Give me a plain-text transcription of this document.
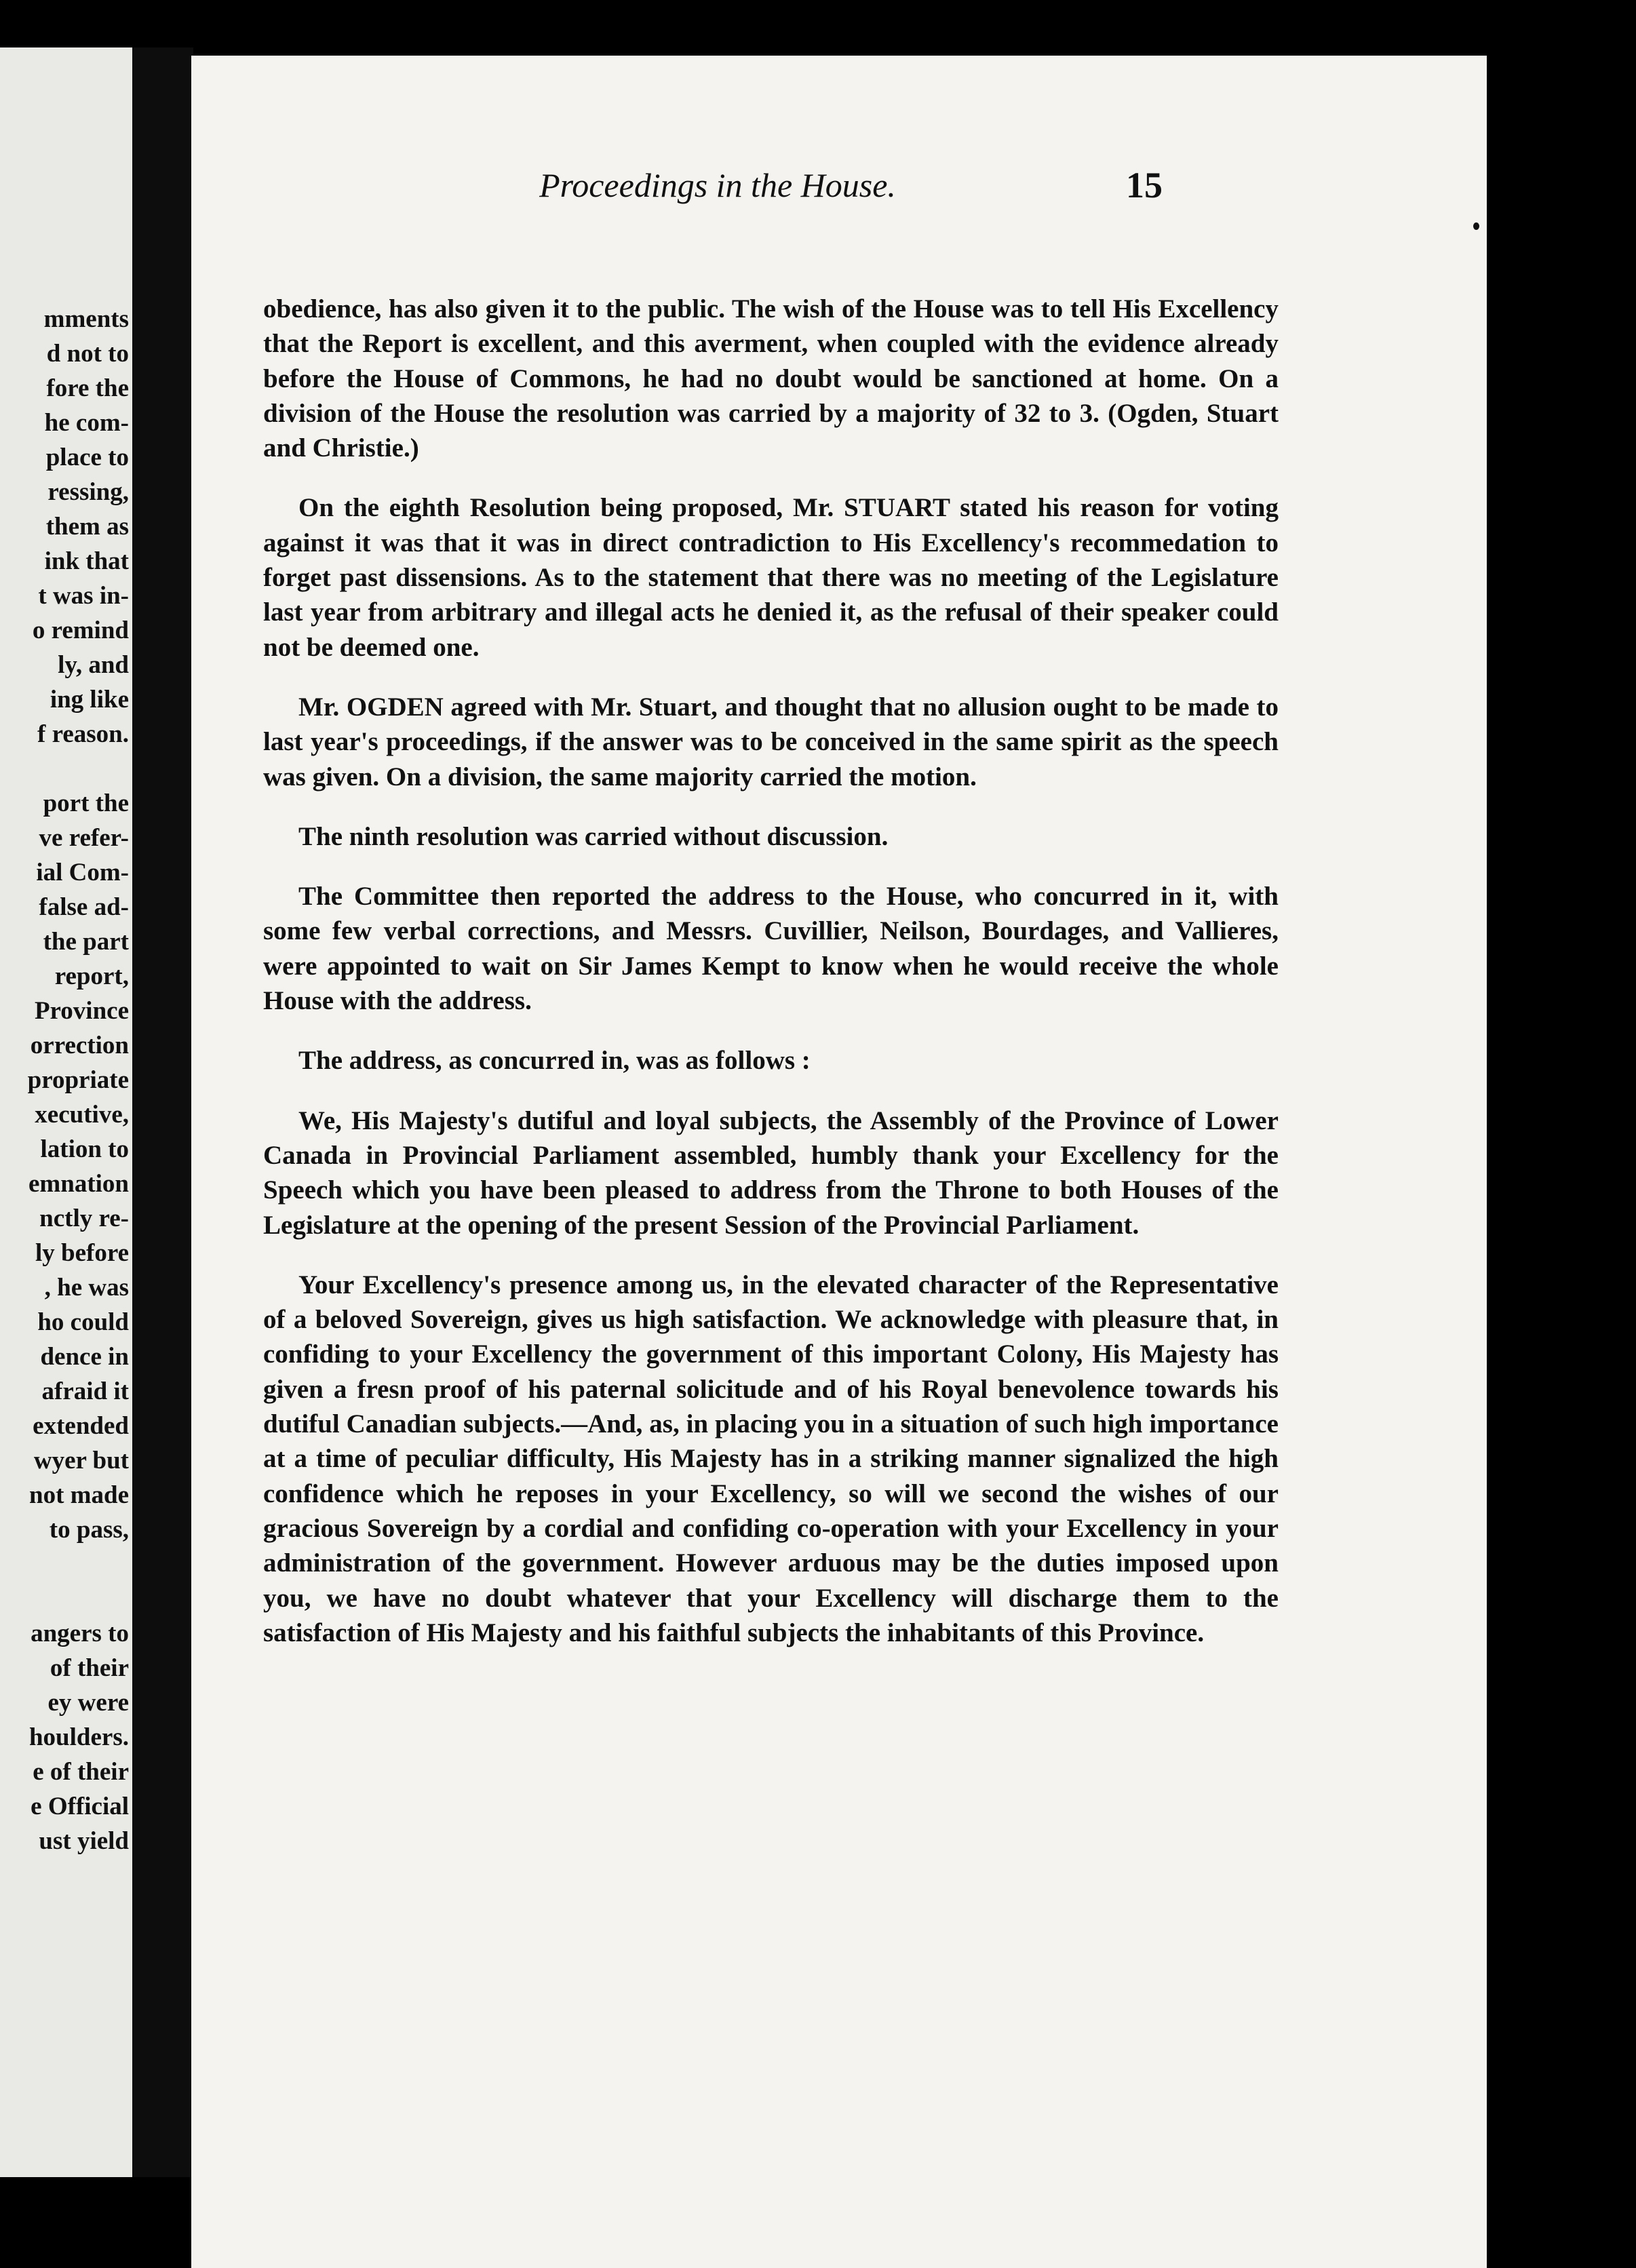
mments
d not to
fore the
he com-
place to
ressing,
them as
ink that
t was in-
o remind
ly, and
ing like
f reason.
port the
ve refer-
ial Com-
false ad-
the part
report,
Province
orrection
propriate
xecutive,
lation to
emnation
nctly re-
ly before
, he was
ho could
dence in
afraid it
extended
wyer but
not made
to pass,
angers to
of their
ey were
houlders.
e of their
e Official
ust yield
Proceedings in the House.	15

obedience, has also given it to the public. The wish of the House was to tell His Excellency that the Report is excellent, and this averment, when coupled with the evidence already before the House of Commons, he had no doubt would be sanctioned at home. On a division of the House the resolution was carried by a majority of 32 to 3. (Ogden, Stuart and Christie.)

On the eighth Resolution being proposed, Mr. STUART stated his reason for voting against it was that it was in direct contradiction to His Excellency's recommedation to forget past dissensions. As to the statement that there was no meeting of the Legislature last year from arbitrary and illegal acts he denied it, as the refusal of their speaker could not be deemed one.

Mr. OGDEN agreed with Mr. Stuart, and thought that no allusion ought to be made to last year's proceedings, if the answer was to be conceived in the same spirit as the speech was given. On a division, the same majority carried the motion.

The ninth resolution was carried without discussion.

The Committee then reported the address to the House, who concurred in it, with some few verbal corrections, and Messrs. Cuvillier, Neilson, Bourdages, and Vallieres, were appointed to wait on Sir James Kempt to know when he would receive the whole House with the address.

The address, as concurred in, was as follows :

We, His Majesty's dutiful and loyal subjects, the Assembly of the Province of Lower Canada in Provincial Parliament assembled, humbly thank your Excellency for the Speech which you have been pleased to address from the Throne to both Houses of the Legislature at the opening of the present Session of the Provincial Parliament.

Your Excellency's presence among us, in the elevated character of the Representative of a beloved Sovereign, gives us high satisfaction. We acknowledge with pleasure that, in confiding to your Excellency the government of this important Colony, His Majesty has given a fresn proof of his paternal solicitude and of his Royal benevolence towards his dutiful Canadian subjects.—And, as, in placing you in a situation of such high importance at a time of peculiar difficulty, His Majesty has in a striking manner signalized the high confidence which he reposes in your Excellency, so will we second the wishes of our gracious Sovereign by a cordial and confiding co-operation with your Excellency in your administration of the government. However arduous may be the duties imposed upon you, we have no doubt whatever that your Excellency will discharge them to the satisfaction of His Majesty and his faithful subjects the inhabitants of this Province.
